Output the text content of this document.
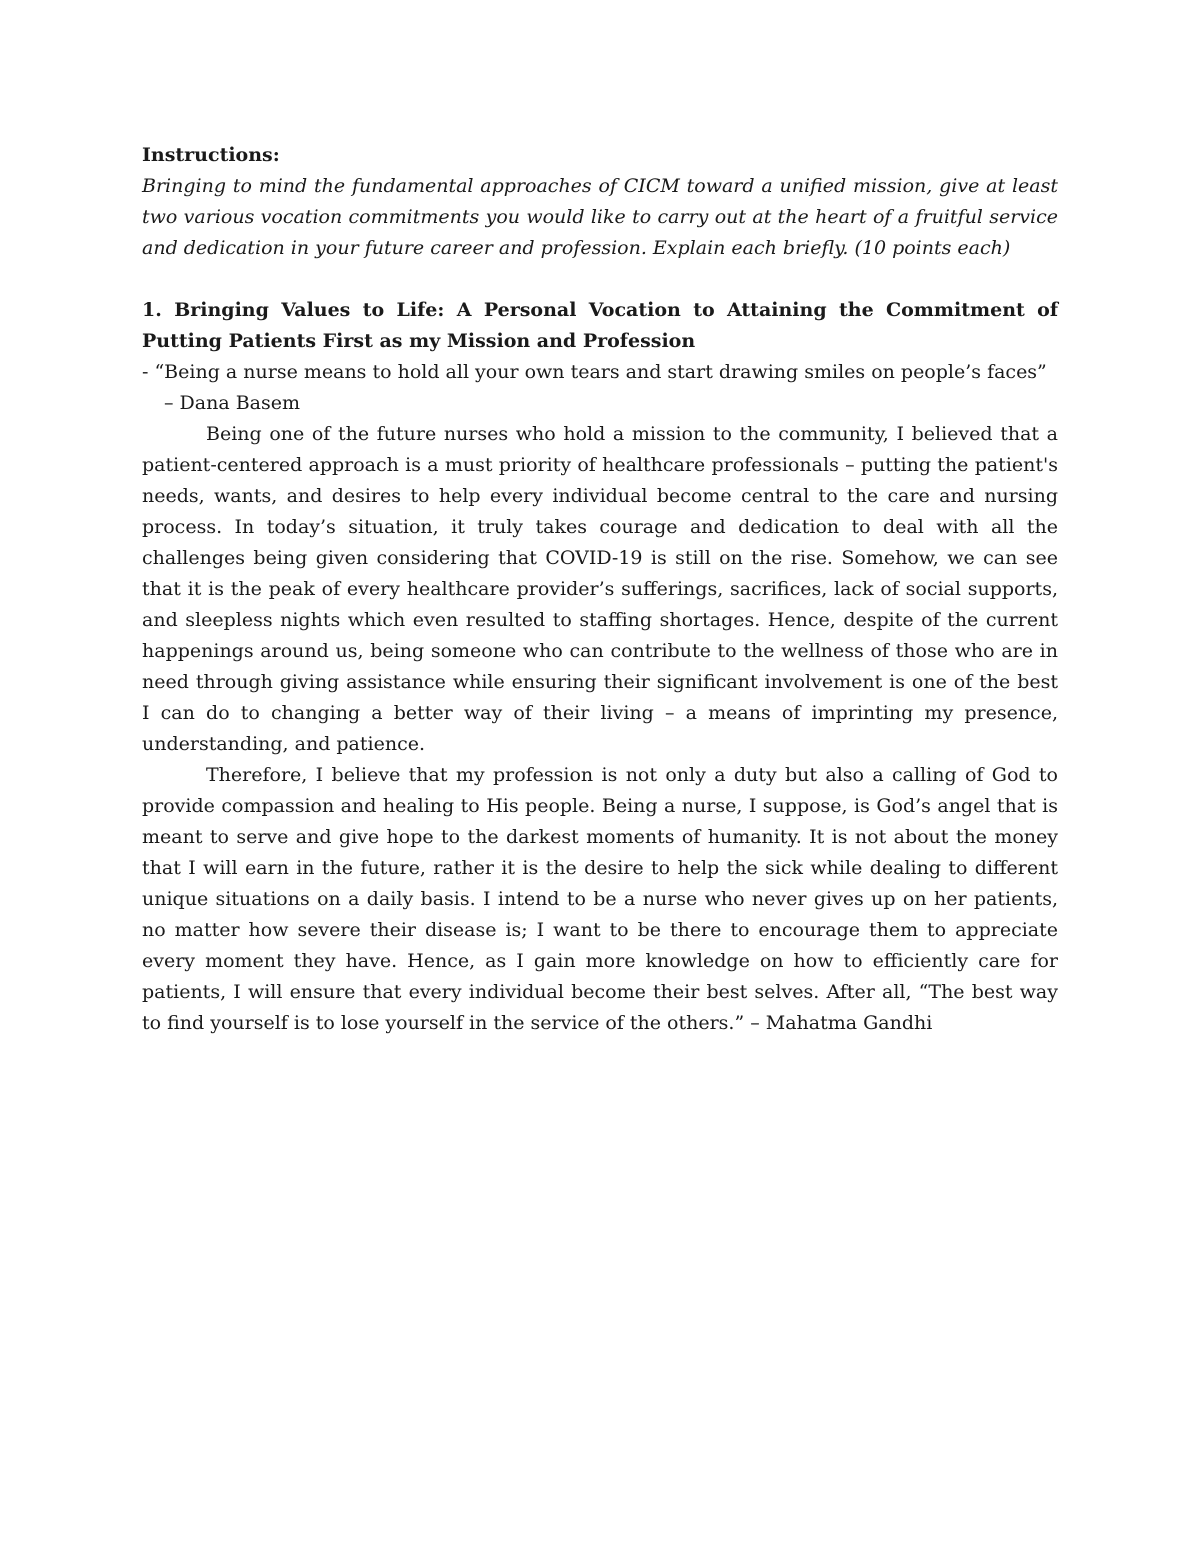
Instructions:

Bringing to mind the fundamental approaches of CICM toward a unified mission, give at least two various vocation commitments you would like to carry out at the heart of a fruitful service and dedication in your future career and profession. Explain each briefly. (10 points each)

1. Bringing Values to Life: A Personal Vocation to Attaining the Commitment of Putting Patients First as my Mission and Profession

- “Being a nurse means to hold all your own tears and start drawing smiles on people’s faces”

– Dana Basem

Being one of the future nurses who hold a mission to the community, I believed that a patient-centered approach is a must priority of healthcare professionals – putting the patient's needs, wants, and desires to help every individual become central to the care and nursing process. In today’s situation, it truly takes courage and dedication to deal with all the challenges being given considering that COVID-19 is still on the rise. Somehow, we can see that it is the peak of every healthcare provider’s sufferings, sacrifices, lack of social supports, and sleepless nights which even resulted to staffing shortages. Hence, despite of the current happenings around us, being someone who can contribute to the wellness of those who are in need through giving assistance while ensuring their significant involvement is one of the best I can do to changing a better way of their living – a means of imprinting my presence, understanding, and patience.

Therefore, I believe that my profession is not only a duty but also a calling of God to provide compassion and healing to His people. Being a nurse, I suppose, is God’s angel that is meant to serve and give hope to the darkest moments of humanity. It is not about the money that I will earn in the future, rather it is the desire to help the sick while dealing to different unique situations on a daily basis. I intend to be a nurse who never gives up on her patients, no matter how severe their disease is; I want to be there to encourage them to appreciate every moment they have. Hence, as I gain more knowledge on how to efficiently care for patients, I will ensure that every individual become their best selves. After all, “The best way to find yourself is to lose yourself in the service of the others.” – Mahatma Gandhi
